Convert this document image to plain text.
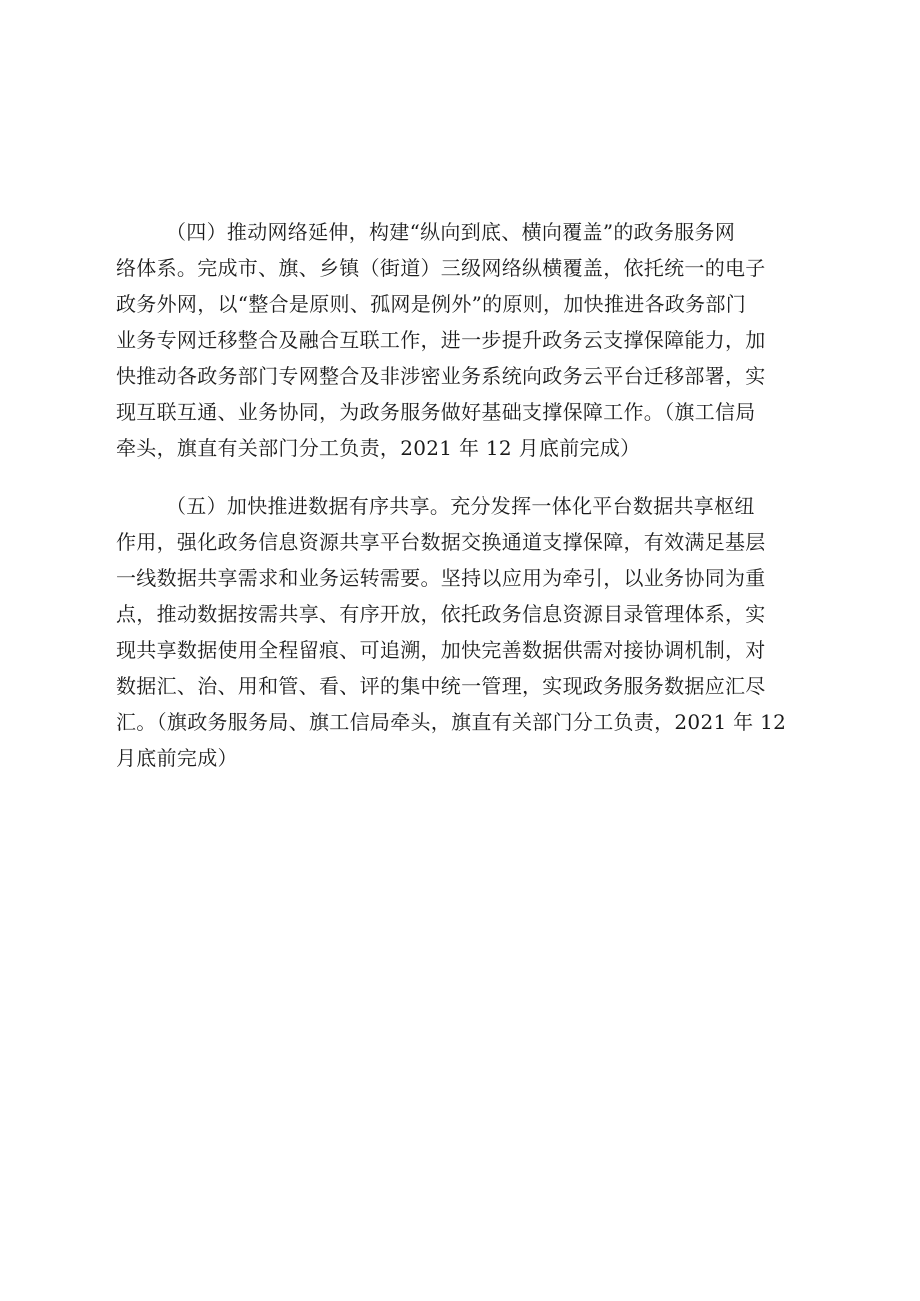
（四）推动网络延伸，构建“纵向到底、横向覆盖”的政务服务网
络体系。完成市、旗、乡镇（街道）三级网络纵横覆盖，依托统一的电子
政务外网，以“整合是原则、孤网是例外”的原则，加快推进各政务部门
业务专网迁移整合及融合互联工作，进一步提升政务云支撑保障能力，加
快推动各政务部门专网整合及非涉密业务系统向政务云平台迁移部署，实
现互联互通、业务协同，为政务服务做好基础支撑保障工作。（旗工信局
牵头，旗直有关部门分工负责，2021 年 12 月底前完成）
（五）加快推进数据有序共享。充分发挥一体化平台数据共享枢纽
作用，强化政务信息资源共享平台数据交换通道支撑保障，有效满足基层
一线数据共享需求和业务运转需要。坚持以应用为牵引，以业务协同为重
点，推动数据按需共享、有序开放，依托政务信息资源目录管理体系，实
现共享数据使用全程留痕、可追溯，加快完善数据供需对接协调机制，对
数据汇、治、用和管、看、评的集中统一管理，实现政务服务数据应汇尽
汇。（旗政务服务局、旗工信局牵头，旗直有关部门分工负责，2021 年 12
月底前完成）
